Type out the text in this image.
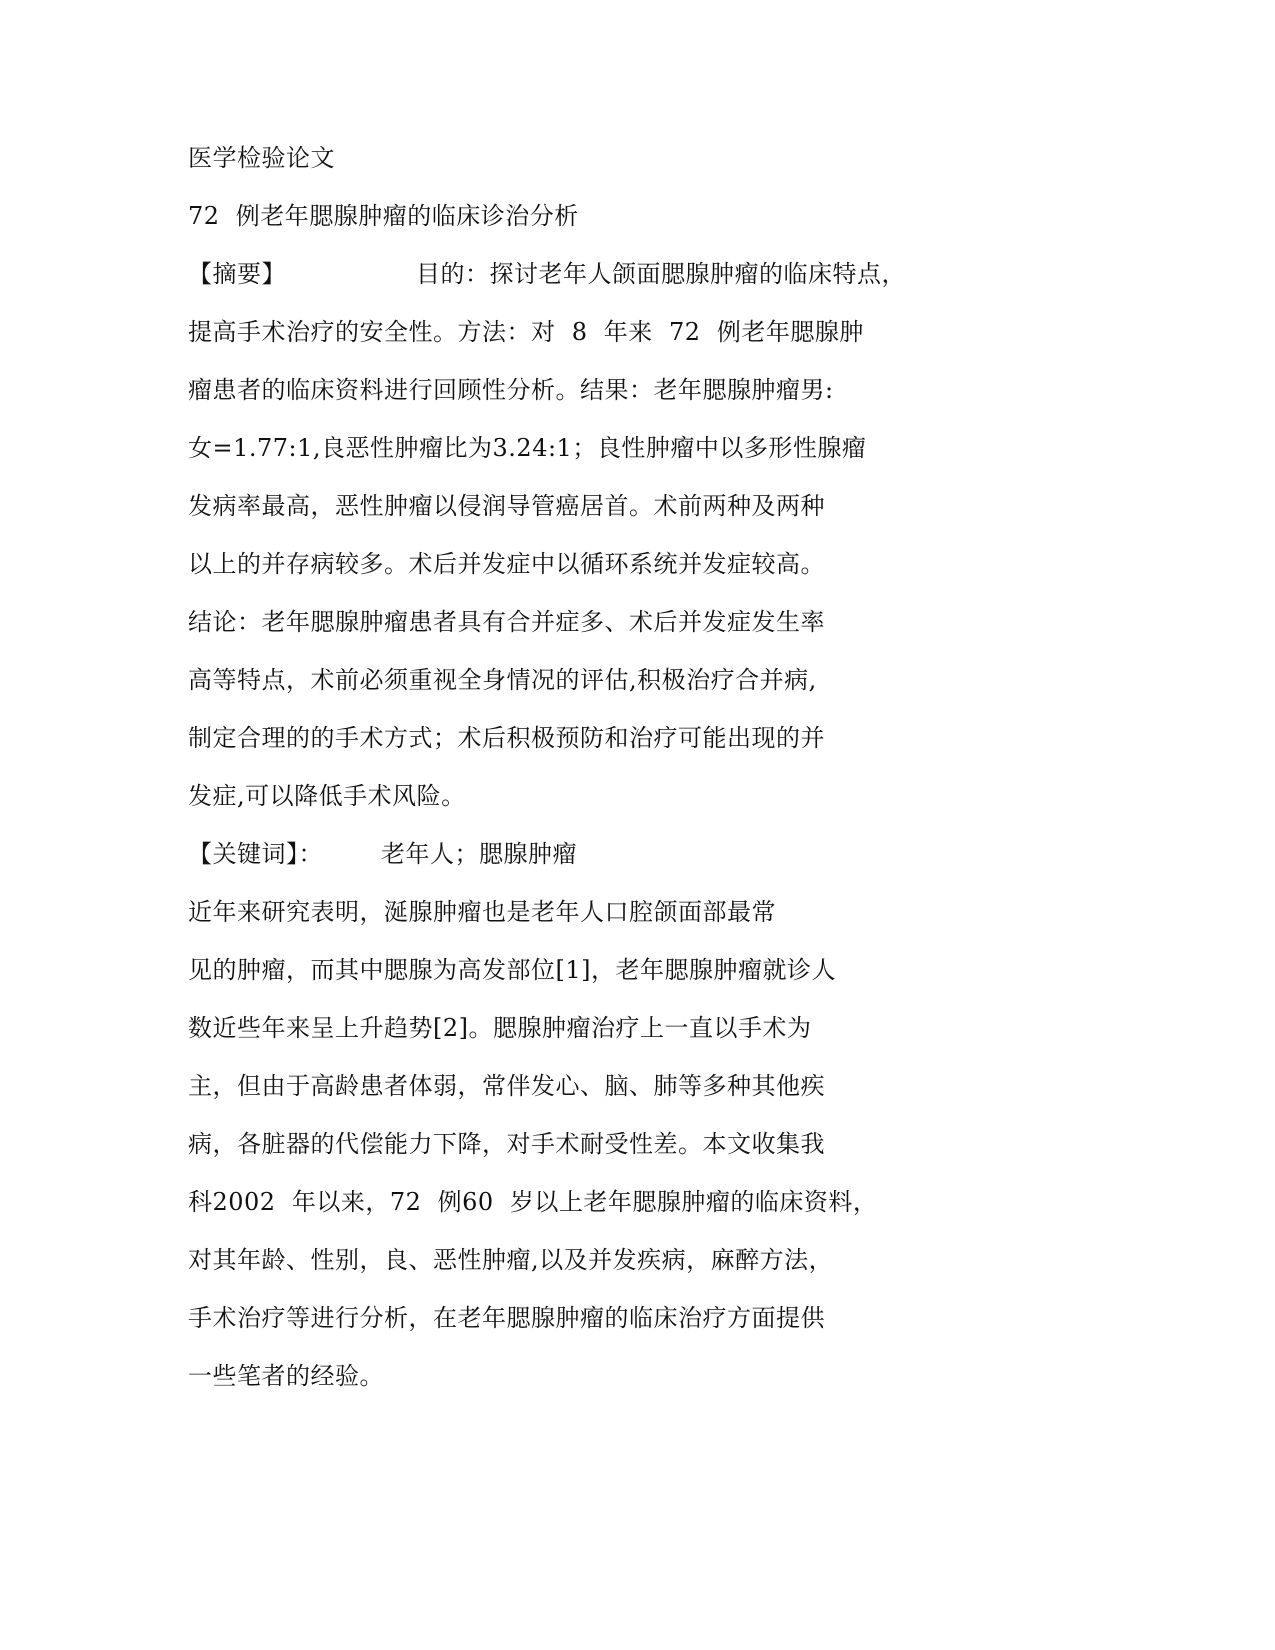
医学检验论文
72  例老年腮腺肿瘤的临床诊治分析
【摘要】	目的：探讨老年人颌面腮腺肿瘤的临床特点，
提高手术治疗的安全性。方法：对  8  年来  72  例老年腮腺肿
瘤患者的临床资料进行回顾性分析。结果：老年腮腺肿瘤男:
女=1.77:1,良恶性肿瘤比为3.24:1；良性肿瘤中以多形性腺瘤
发病率最高，恶性肿瘤以侵润导管癌居首。术前两种及两种
以上的并存病较多。术后并发症中以循环系统并发症较高。
结论：老年腮腺肿瘤患者具有合并症多、术后并发症发生率
高等特点，术前必须重视全身情况的评估,积极治疗合并病,
制定合理的的手术方式；术后积极预防和治疗可能出现的并
发症,可以降低手术风险。
【关键词】： 老年人；腮腺肿瘤
近年来研究表明，涎腺肿瘤也是老年人口腔颌面部最常
见的肿瘤，而其中腮腺为高发部位[1]，老年腮腺肿瘤就诊人
数近些年来呈上升趋势[2]。腮腺肿瘤治疗上一直以手术为
主，但由于高龄患者体弱，常伴发心、脑、肺等多种其他疾
病，各脏器的代偿能力下降，对手术耐受性差。本文收集我
科2002  年以来，72  例60  岁以上老年腮腺肿瘤的临床资料，
对其年龄、性别，良、恶性肿瘤,以及并发疾病，麻醉方法，
手术治疗等进行分析，在老年腮腺肿瘤的临床治疗方面提供
一些笔者的经验。
